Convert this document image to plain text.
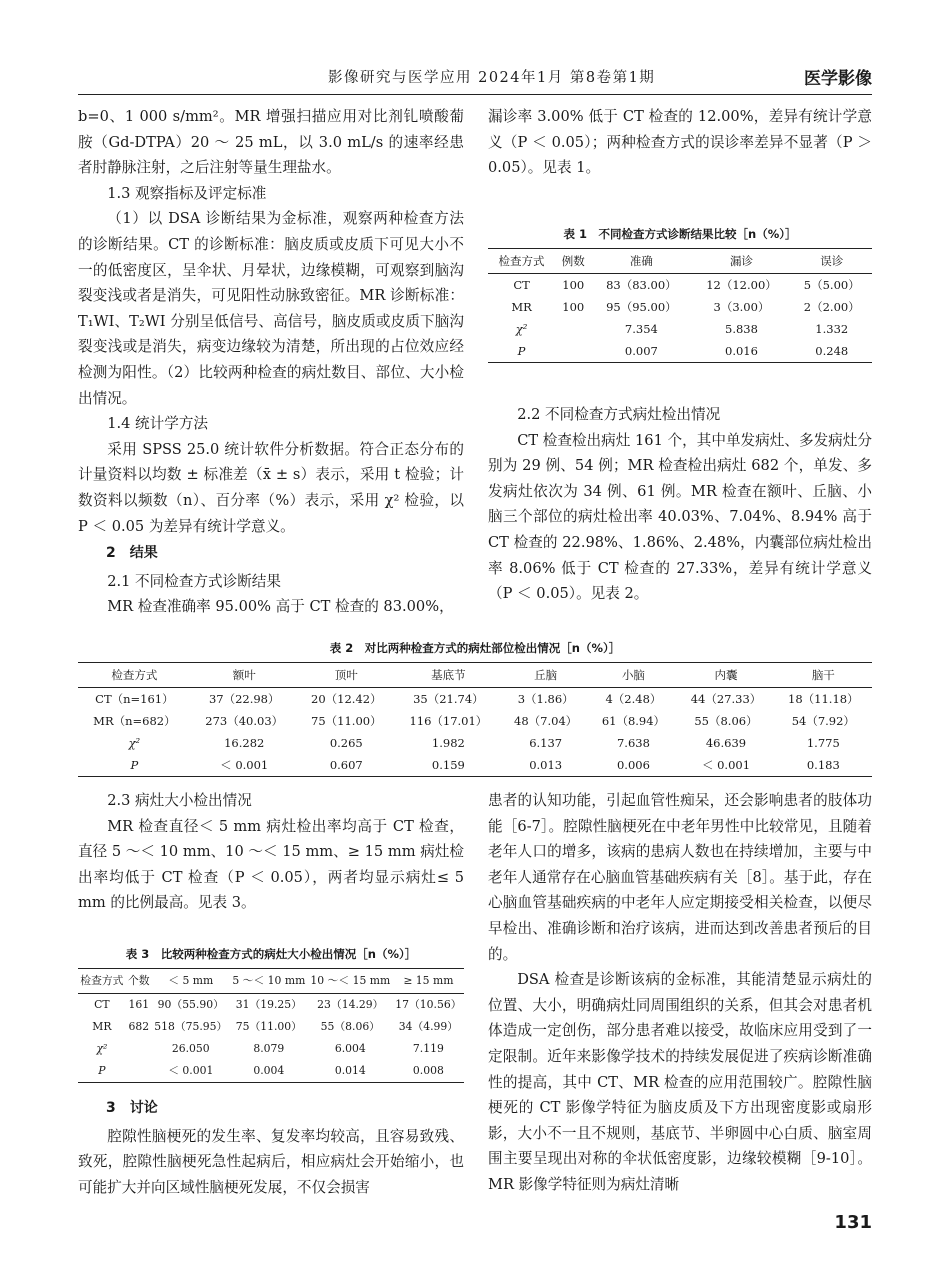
影像研究与医学应用 2024年1月 第8卷第1期	医学影像

b=0、1 000 s/mm²。MR 增强扫描应用对比剂钆喷酸葡胺（Gd-DTPA）20 ～ 25 mL，以 3.0 mL/s 的速率经患者肘静脉注射，之后注射等量生理盐水。

1.3 观察指标及评定标准

（1）以 DSA 诊断结果为金标准，观察两种检查方法的诊断结果。CT 的诊断标准：脑皮质或皮质下可见大小不一的低密度区，呈伞状、月晕状，边缘模糊，可观察到脑沟裂变浅或者是消失，可见阳性动脉致密征。MR 诊断标准：T₁WI、T₂WI 分别呈低信号、高信号，脑皮质或皮质下脑沟裂变浅或是消失，病变边缘较为清楚，所出现的占位效应经检测为阳性。（2）比较两种检查的病灶数目、部位、大小检出情况。

1.4 统计学方法

采用 SPSS 25.0 统计软件分析数据。符合正态分布的计量资料以均数 ± 标准差（x̄ ± s）表示，采用 t 检验；计数资料以频数（n）、百分率（%）表示，采用 χ² 检验，以 P ＜ 0.05 为差异有统计学意义。

2　结果

2.1 不同检查方式诊断结果

MR 检查准确率 95.00% 高于 CT 检查的 83.00%，

漏诊率 3.00% 低于 CT 检查的 12.00%，差异有统计学意义（P ＜ 0.05）；两种检查方式的误诊率差异不显著（P ＞ 0.05）。见表 1。

表 1　不同检查方式诊断结果比较［n（%）］
检查方式	例数	准确	漏诊	误诊
CT	100	83（83.00）	12（12.00）	5（5.00）
MR	100	95（95.00）	3（3.00）	2（2.00）
χ²		7.354	5.838	1.332
P		0.007	0.016	0.248

2.2 不同检查方式病灶检出情况

CT 检查检出病灶 161 个，其中单发病灶、多发病灶分别为 29 例、54 例；MR 检查检出病灶 682 个，单发、多发病灶依次为 34 例、61 例。MR 检查在额叶、丘脑、小脑三个部位的病灶检出率 40.03%、7.04%、8.94% 高于 CT 检查的 22.98%、1.86%、2.48%，内囊部位病灶检出率 8.06% 低于 CT 检查的 27.33%，差异有统计学意义（P ＜ 0.05）。见表 2。

表 2　对比两种检查方式的病灶部位检出情况［n（%）］
检查方式	额叶	顶叶	基底节	丘脑	小脑	内囊	脑干
CT（n=161）	37（22.98）	20（12.42）	35（21.74）	3（1.86）	4（2.48）	44（27.33）	18（11.18）
MR（n=682）	273（40.03）	75（11.00）	116（17.01）	48（7.04）	61（8.94）	55（8.06）	54（7.92）
χ²	16.282	0.265	1.982	6.137	7.638	46.639	1.775
P	＜ 0.001	0.607	0.159	0.013	0.006	＜ 0.001	0.183

2.3 病灶大小检出情况

MR 检查直径＜ 5 mm 病灶检出率均高于 CT 检查，直径 5 ～＜ 10 mm、10 ～＜ 15 mm、≥ 15 mm 病灶检出率均低于 CT 检查（P ＜ 0.05），两者均显示病灶≤ 5 mm 的比例最高。见表 3。

表 3　比较两种检查方式的病灶大小检出情况［n（%）］
检查方式	个数	＜ 5 mm	5 ～＜ 10 mm	10 ～＜ 15 mm	≥ 15 mm
CT	161	90（55.90）	31（19.25）	23（14.29）	17（10.56）
MR	682	518（75.95）	75（11.00）	55（8.06）	34（4.99）
χ²		26.050	8.079	6.004	7.119
P		＜ 0.001	0.004	0.014	0.008

3　讨论

腔隙性脑梗死的发生率、复发率均较高，且容易致残、致死，腔隙性脑梗死急性起病后，相应病灶会开始缩小，也可能扩大并向区域性脑梗死发展，不仅会损害

患者的认知功能，引起血管性痴呆，还会影响患者的肢体功能［6-7］。腔隙性脑梗死在中老年男性中比较常见，且随着老年人口的增多，该病的患病人数也在持续增加，主要与中老年人通常存在心脑血管基础疾病有关［8］。基于此，存在心脑血管基础疾病的中老年人应定期接受相关检查，以便尽早检出、准确诊断和治疗该病，进而达到改善患者预后的目的。

DSA 检查是诊断该病的金标准，其能清楚显示病灶的位置、大小，明确病灶同周围组织的关系，但其会对患者机体造成一定创伤，部分患者难以接受，故临床应用受到了一定限制。近年来影像学技术的持续发展促进了疾病诊断准确性的提高，其中 CT、MR 检查的应用范围较广。腔隙性脑梗死的 CT 影像学特征为脑皮质及下方出现密度影或扇形影，大小不一且不规则，基底节、半卵圆中心白质、脑室周围主要呈现出对称的伞状低密度影，边缘较模糊［9-10］。MR 影像学特征则为病灶清晰

131
